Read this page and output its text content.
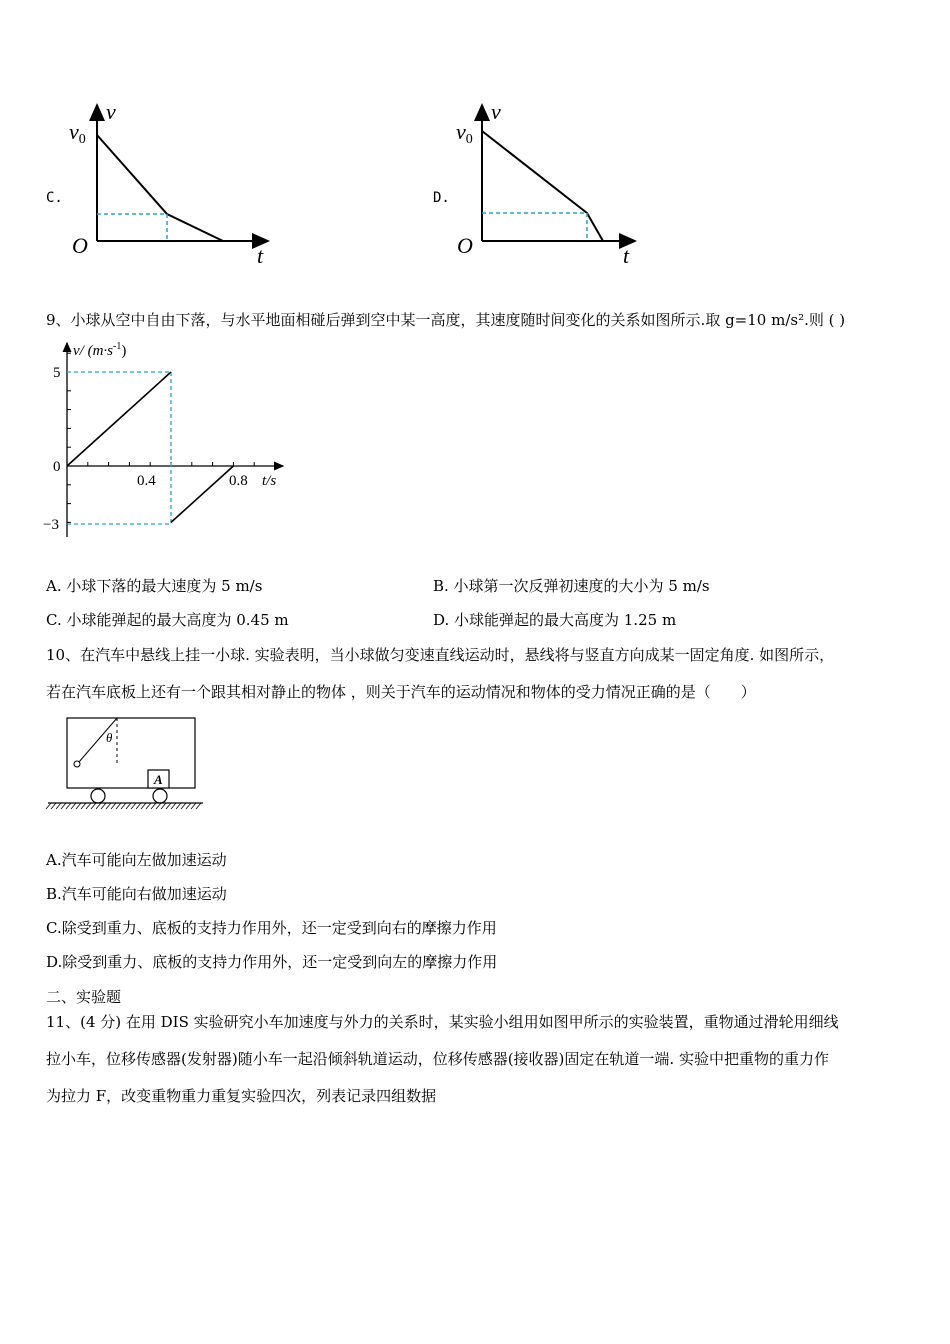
C.
v
v0
O	t
D.
v
v0
O	t
9、小球从空中自由下落，与水平地面相碰后弹到空中某一高度，其速度随时间变化的关系如图所示.取 g=10 m/s².则 ( )
v/ $(m\cdot s^{-1})$
5
0
−3
0.4	0.8 t/s
A. 小球下落的最大速度为 5 m/s	B. 小球第一次反弹初速度的大小为 5 m/s
C. 小球能弹起的最大高度为 0.45 m	D. 小球能弹起的最大高度为 1.25 m
10、在汽车中悬线上挂一小球. 实验表明，当小球做匀变速直线运动时，悬线将与竖直方向成某一固定角度. 如图所示，
若在汽车底板上还有一个跟其相对静止的物体 ，则关于汽车的运动情况和物体的受力情况正确的是（　　）
θ
A
A.汽车可能向左做加速运动
B.汽车可能向右做加速运动
C.除受到重力、底板的支持力作用外，还一定受到向右的摩擦力作用
D.除受到重力、底板的支持力作用外，还一定受到向左的摩擦力作用
二、实验题
11、(4 分) 在用 DIS 实验研究小车加速度与外力的关系时，某实验小组用如图甲所示的实验装置，重物通过滑轮用细线
拉小车，位移传感器(发射器)随小车一起沿倾斜轨道运动，位移传感器(接收器)固定在轨道一端. 实验中把重物的重力作
为拉力 F，改变重物重力重复实验四次，列表记录四组数据
